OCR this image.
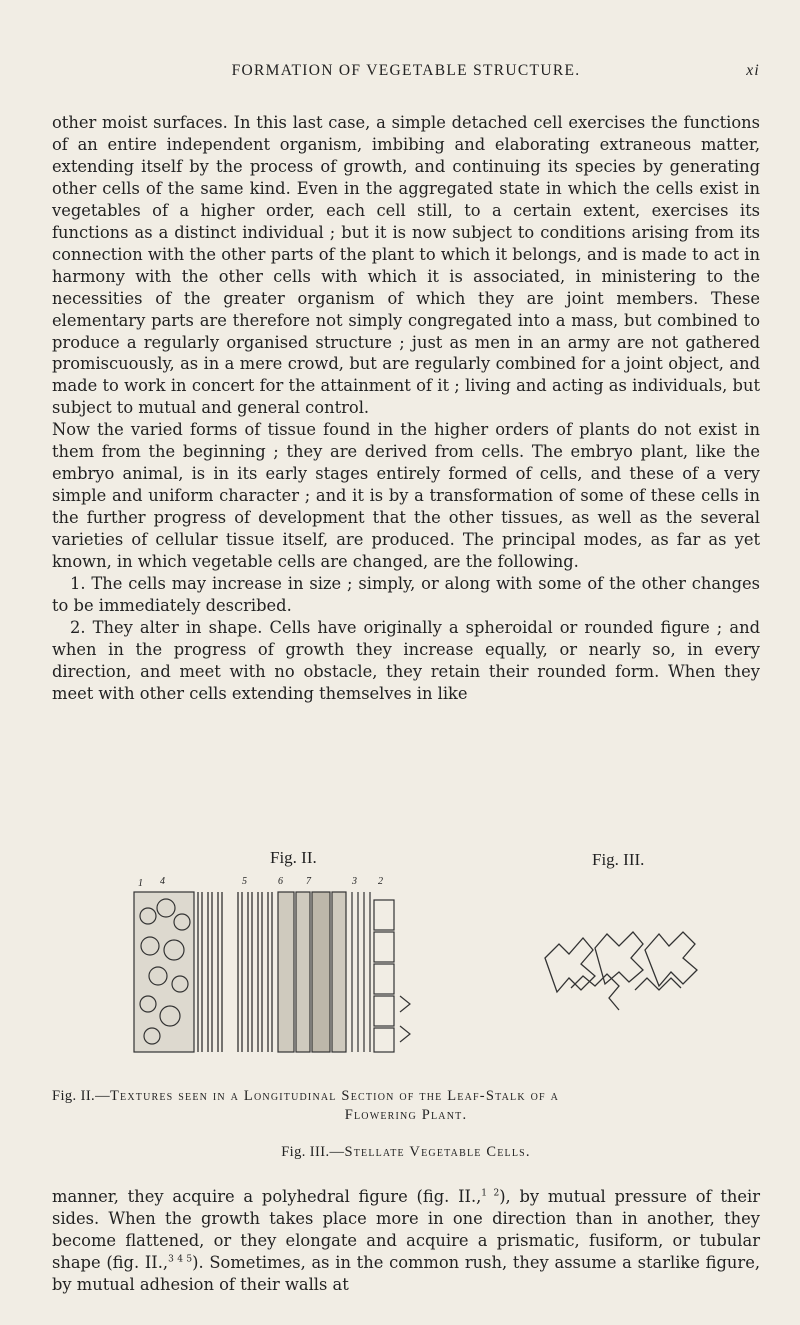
FORMATION OF VEGETABLE STRUCTURE.	xi

other moist surfaces. In this last case, a simple detached cell exercises the functions of an entire independent organism, imbibing and elaborating extraneous matter, extending itself by the process of growth, and continuing its species by generating other cells of the same kind. Even in the aggregated state in which the cells exist in vegetables of a higher order, each cell still, to a certain extent, exercises its functions as a distinct individual ; but it is now subject to conditions arising from its connection with the other parts of the plant to which it belongs, and is made to act in harmony with the other cells with which it is associated, in ministering to the necessities of the greater organism of which they are joint members. These elementary parts are therefore not simply congregated into a mass, but combined to produce a regularly organised structure ; just as men in an army are not gathered promiscuously, as in a mere crowd, but are regularly combined for a joint object, and made to work in concert for the attainment of it ; living and acting as individuals, but subject to mutual and general control.

Now the varied forms of tissue found in the higher orders of plants do not exist in them from the beginning ; they are derived from cells. The embryo plant, like the embryo animal, is in its early stages entirely formed of cells, and these of a very simple and uniform character ; and it is by a transformation of some of these cells in the further progress of development that the other tissues, as well as the several varieties of cellular tissue itself, are produced. The principal modes, as far as yet known, in which vegetable cells are changed, are the following.

1. The cells may increase in size ; simply, or along with some of the other changes to be immediately described.

2. They alter in shape. Cells have originally a spheroidal or rounded figure ; and when in the progress of growth they increase equally, or nearly so, in every direction, and meet with no obstacle, they retain their rounded form. When they meet with other cells extending themselves in like

Fig. II.	Fig. III.
1 4	5	6 7	3 2
Fig. II.—Textures seen in a Longitudinal Section of the Leaf-Stalk of a
Flowering Plant.
Fig. III.—Stellate Vegetable Cells.

manner, they acquire a polyhedral figure (fig. II.,$^{1 2}$), by mutual pressure of their sides. When the growth takes place more in one direction than in another, they become flattened, or they elongate and acquire a prismatic, fusiform, or tubular shape (fig. II.,$^{3 4 5}$). Sometimes, as in the common rush, they assume a starlike figure, by mutual adhesion of their walls at
